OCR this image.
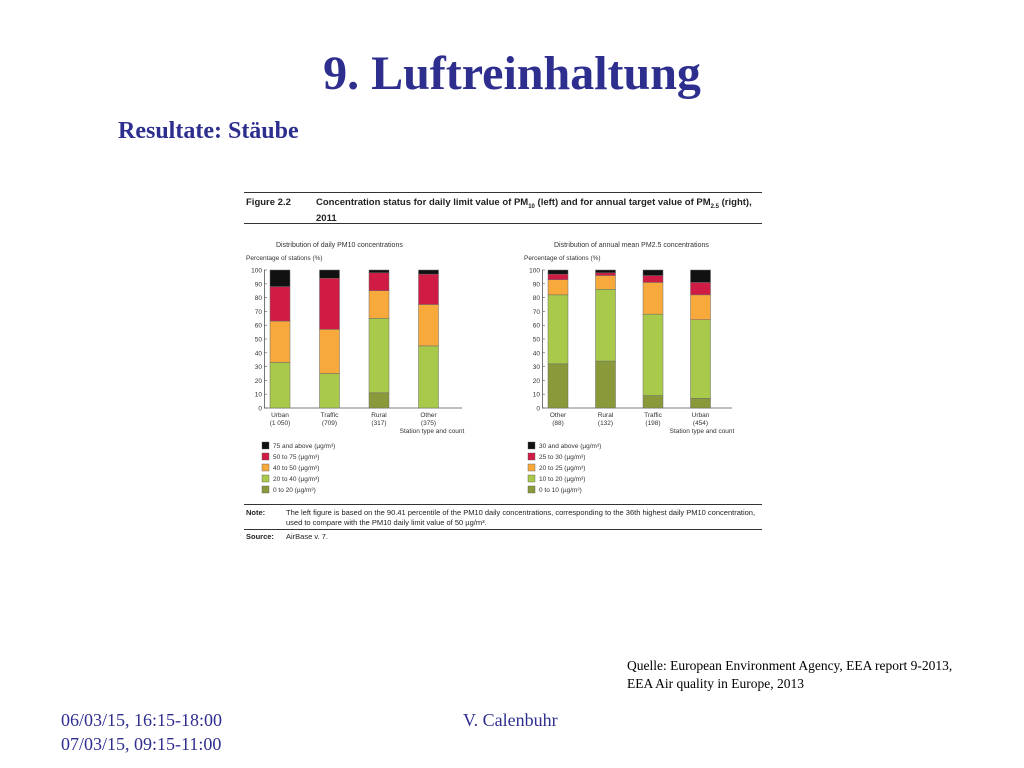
9. Luftreinhaltung
Resultate: Stäube
Figure 2.2	Concentration status for daily limit value of $PM_{10}$ (left) and for annual target value of $PM_{2.5}$ (right), 2011
Distribution of daily PM10 concentrations
Percentage of stations (%)
0
10
20
30
40
50
60
70
80
90
100
Urban
(1 050)
Traffic
(709)
Rural
(317)
Other
(375)
Station type and count
75 and above (µg/m³)
50 to 75 (µg/m³)
40 to 50 (µg/m³)
20 to 40 (µg/m³)
0 to 20 (µg/m³)
Distribution of annual mean PM2.5 concentrations
Percentage of stations (%)
0
10
20
30
40
50
60
70
80
90
100
Other
(88)
Rural
(132)
Traffic
(198)
Urban
(454)
Station type and count
30 and above (µg/m³)
25 to 30 (µg/m³)
20 to 25 (µg/m³)
10 to 20 (µg/m³)
0 to 10 (µg/m³)
Note:	The left figure is based on the 90.41 percentile of the PM10 daily concentrations, corresponding to the 36th highest daily PM10 concentration, used to compare with the PM10 daily limit value of 50 µg/m³.
Source: AirBase v. 7.
Quelle: European Environment Agency, EEA report 9-2013, EEA Air quality in Europe, 2013
06/03/15, 16:15-18:00
07/03/15, 09:15-11:00
V. Calenbuhr
